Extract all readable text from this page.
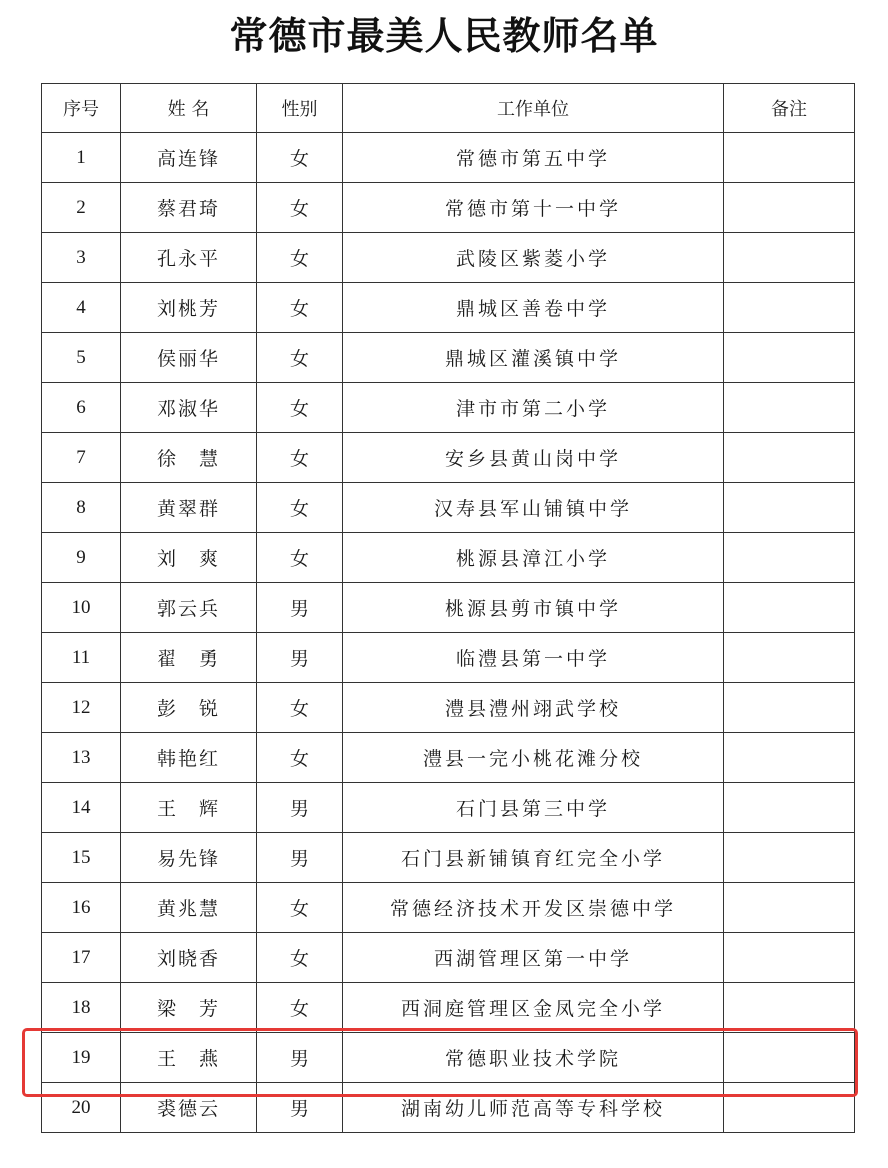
常德市最美人民教师名单
序号	姓 名	性别	工作单位	备注
1	高连锋	女	常德市第五中学	
2	蔡君琦	女	常德市第十一中学	
3	孔永平	女	武陵区紫菱小学	
4	刘桃芳	女	鼎城区善卷中学	
5	侯丽华	女	鼎城区灌溪镇中学	
6	邓淑华	女	津市市第二小学	
7	徐　慧	女	安乡县黄山岗中学	
8	黄翠群	女	汉寿县军山铺镇中学	
9	刘　爽	女	桃源县漳江小学	
10	郭云兵	男	桃源县剪市镇中学	
11	翟　勇	男	临澧县第一中学	
12	彭　锐	女	澧县澧州翊武学校	
13	韩艳红	女	澧县一完小桃花滩分校	
14	王　辉	男	石门县第三中学	
15	易先锋	男	石门县新铺镇育红完全小学	
16	黄兆慧	女	常德经济技术开发区崇德中学	
17	刘晓香	女	西湖管理区第一中学	
18	梁　芳	女	西洞庭管理区金凤完全小学	
19	王　燕	男	常德职业技术学院	
20	裘德云	男	湖南幼儿师范高等专科学校	
